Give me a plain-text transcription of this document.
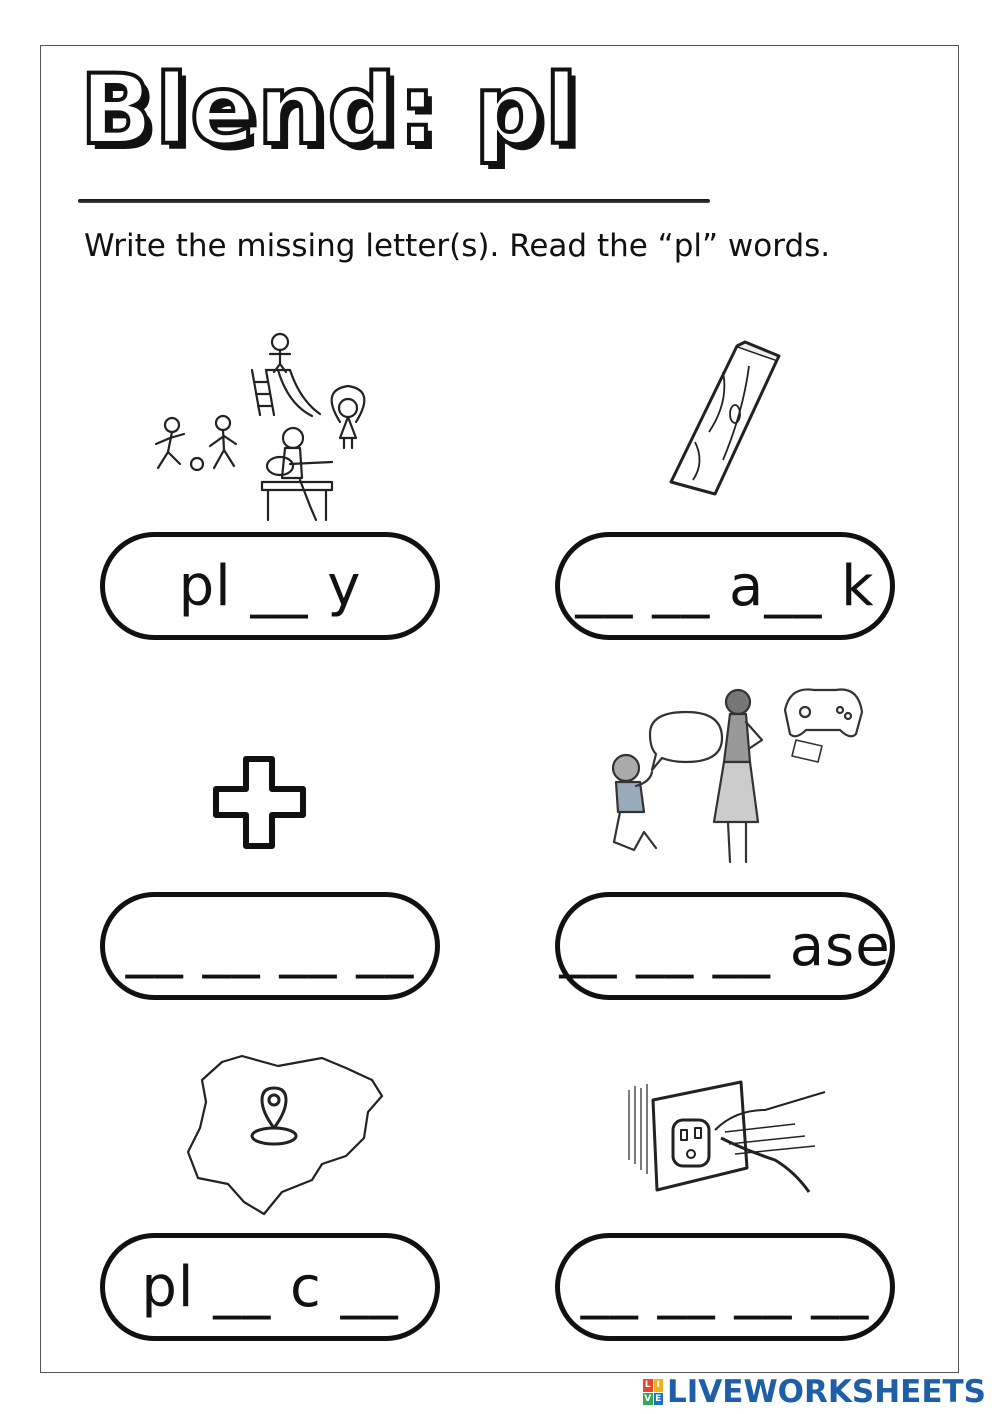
Blend: pl

Write the missing letter(s). Read the “pl” words.

pl __ y	__ __ a__ k
__ __ __ __	__ __ __ ase
pl __ c __	__ __ __ __
L I
V E LIVEWORKSHEETS
